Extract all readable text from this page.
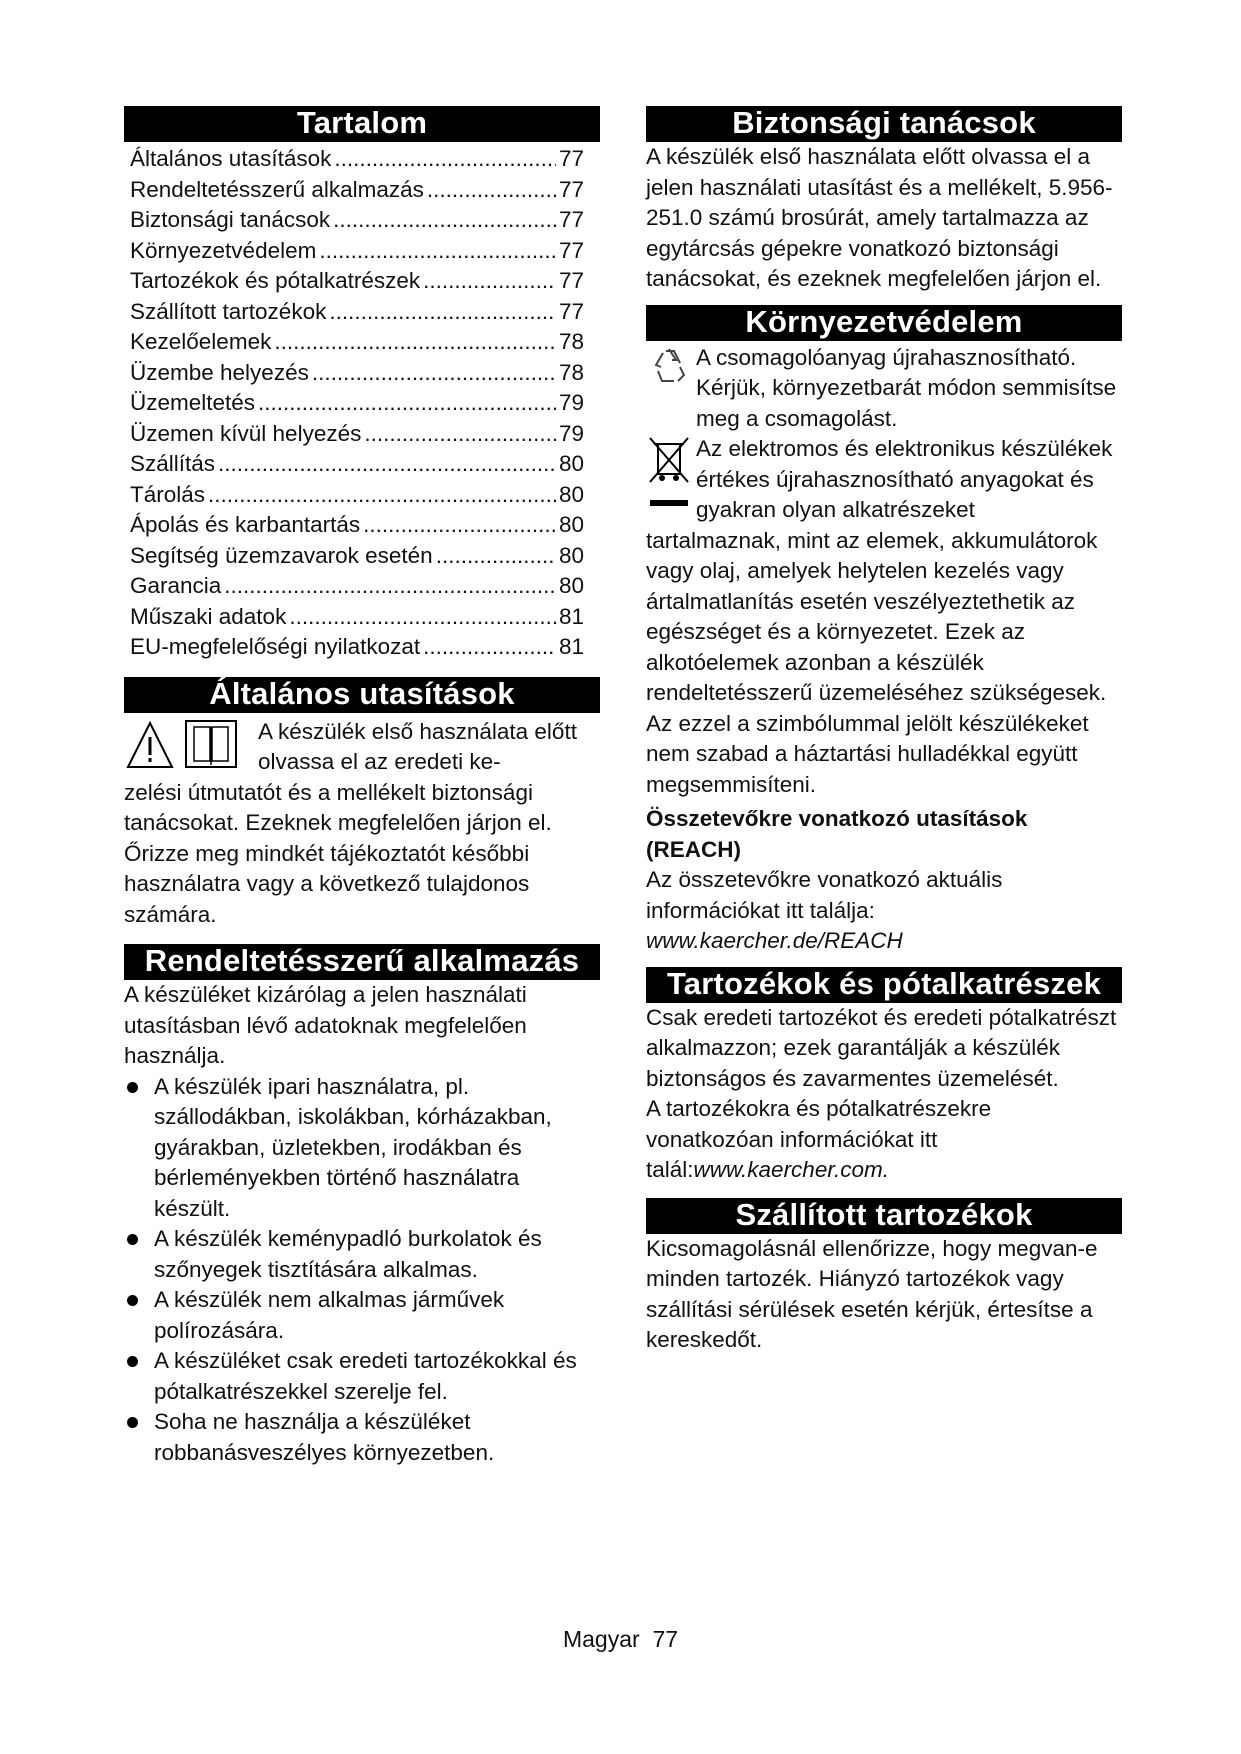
Tartalom
Általános utasítások .....	77
Rendeltetésszerű alkalmazás .....	77
Biztonsági tanácsok .....	77
Környezetvédelem .....	77
Tartozékok és pótalkatrészek .....	77
Szállított tartozékok .....	77
Kezelőelemek .....	78
Üzembe helyezés .....	78
Üzemeltetés .....	79
Üzemen kívül helyezés .....	79
Szállítás .....	80
Tárolás .....	80
Ápolás és karbantartás .....	80
Segítség üzemzavarok esetén .....	80
Garancia .....	80
Műszaki adatok .....	81
EU-megfelelőségi nyilatkozat .....	81
Általános utasítások

A készülék első használata előtt olvassa el az eredeti ke-

zelési útmutatót és a mellékelt biztonsági tanácsokat. Ezeknek megfelelően járjon el. Őrizze meg mindkét tájékoztatót későbbi használatra vagy a következő tulajdonos számára.

Rendeltetésszerű alkalmazás

A készüléket kizárólag a jelen használati utasításban lévő adatoknak megfelelően használja.

A készülék ipari használatra, pl. szállodákban, iskolákban, kórházakban, gyárakban, üzletekben, irodákban és bérleményekben történő használatra készült.
A készülék keménypadló burkolatok és szőnyegek tisztítására alkalmas.
A készülék nem alkalmas járművek polírozására.
A készüléket csak eredeti tartozékokkal és pótalkatrészekkel szerelje fel.
Soha ne használja a készüléket robbanásveszélyes környezetben.
Biztonsági tanácsok

A készülék első használata előtt olvassa el a jelen használati utasítást és a mellékelt, 5.956-251.0 számú brosúrát, amely tartalmazza az egytárcsás gépekre vonatkozó biztonsági tanácsokat, és ezeknek megfelelően járjon el.

Környezetvédelem

A csomagolóanyag újrahasznosítható. Kérjük, környezetbarát módon semmisítse meg a csomagolást.

Az elektromos és elektronikus készülékek értékes újrahasznosítható anyagokat és gyakran olyan alkatrészeket

tartalmaznak, mint az elemek, akkumulátorok vagy olaj, amelyek helytelen kezelés vagy ártalmatlanítás esetén veszélyeztethetik az egészséget és a környezetet. Ezek az alkotóelemek azonban a készülék rendeltetésszerű üzemeléséhez szükségesek. Az ezzel a szimbólummal jelölt készülékeket nem szabad a háztartási hulladékkal együtt megsemmisíteni.

Összetevőkre vonatkozó utasítások (REACH)

Az összetevőkre vonatkozó aktuális információkat itt találja: www.kaercher.de/REACH

Tartozékok és pótalkatrészek

Csak eredeti tartozékot és eredeti pótalkatrészt alkalmazzon; ezek garantálják a készülék biztonságos és zavarmentes üzemelését.

A tartozékokra és pótalkatrészekre vonatkozóan információkat itt talál:www.kaercher.com.

Szállított tartozékok

Kicsomagolásnál ellenőrizze, hogy megvan-e minden tartozék. Hiányzó tartozékok vagy szállítási sérülések esetén kérjük, értesítse a kereskedőt.

Magyar 77
